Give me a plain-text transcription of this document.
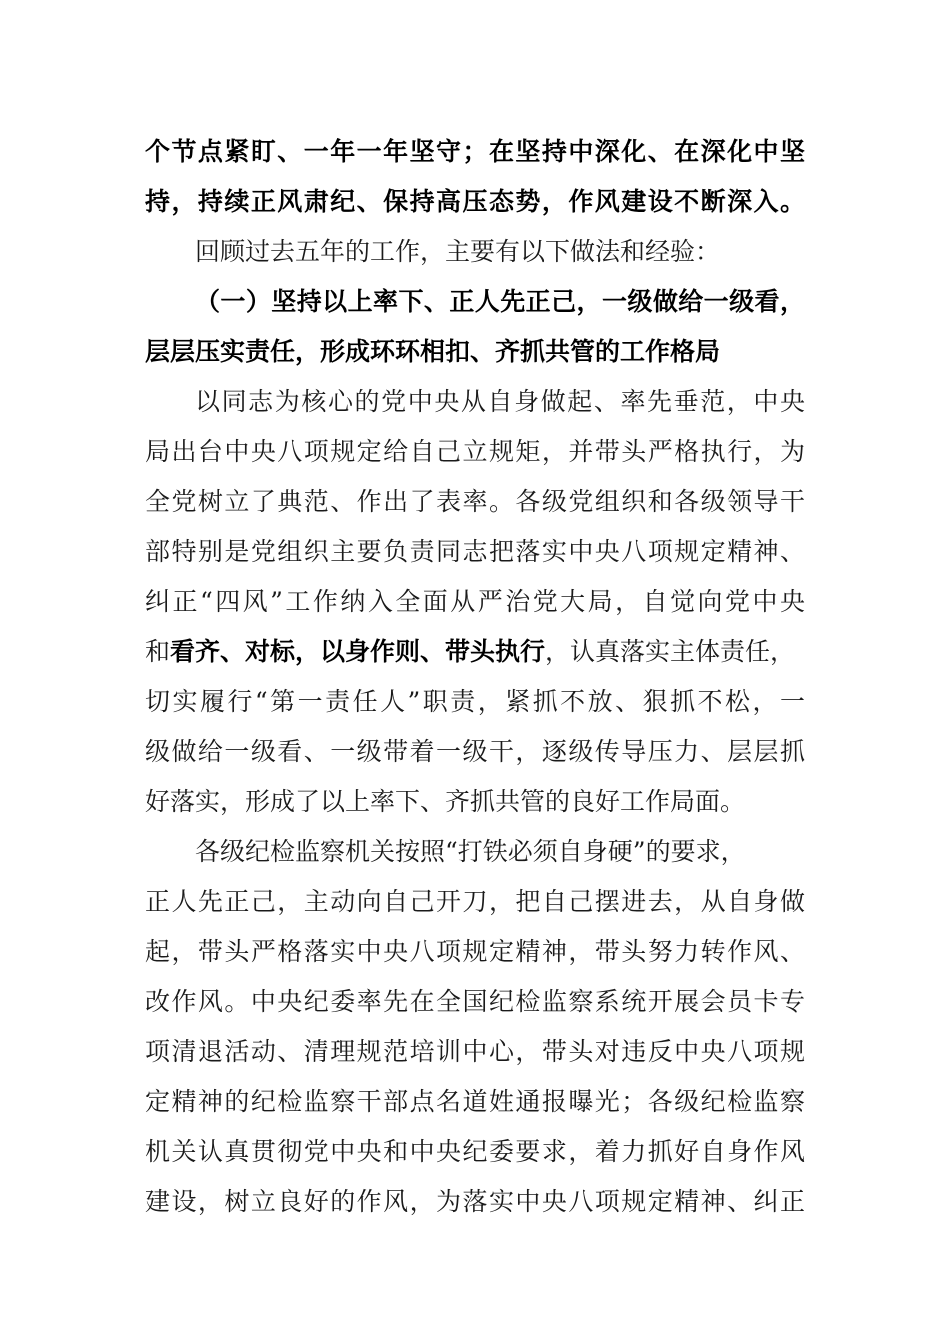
个节点紧盯、一年一年坚守；在坚持中深化、在深化中坚
持，持续正风肃纪、保持高压态势，作风建设不断深入。
回顾过去五年的工作，主要有以下做法和经验：
（一）坚持以上率下、正人先正己，一级做给一级看，
层层压实责任，形成环环相扣、齐抓共管的工作格局
以同志为核心的党中央从自身做起、率先垂范，中央
局出台中央八项规定给自己立规矩，并带头严格执行，为
全党树立了典范、作出了表率。各级党组织和各级领导干
部特别是党组织主要负责同志把落实中央八项规定精神、
纠正“四风”工作纳入全面从严治党大局，自觉向党中央
和看齐、对标，以身作则、带头执行，认真落实主体责任，
切实履行“第一责任人”职责，紧抓不放、狠抓不松，一
级做给一级看、一级带着一级干，逐级传导压力、层层抓
好落实，形成了以上率下、齐抓共管的良好工作局面。
各级纪检监察机关按照“打铁必须自身硬”的要求，
正人先正己，主动向自己开刀，把自己摆进去，从自身做
起，带头严格落实中央八项规定精神，带头努力转作风、
改作风。中央纪委率先在全国纪检监察系统开展会员卡专
项清退活动、清理规范培训中心，带头对违反中央八项规
定精神的纪检监察干部点名道姓通报曝光；各级纪检监察
机关认真贯彻党中央和中央纪委要求，着力抓好自身作风
建设，树立良好的作风，为落实中央八项规定精神、纠正
